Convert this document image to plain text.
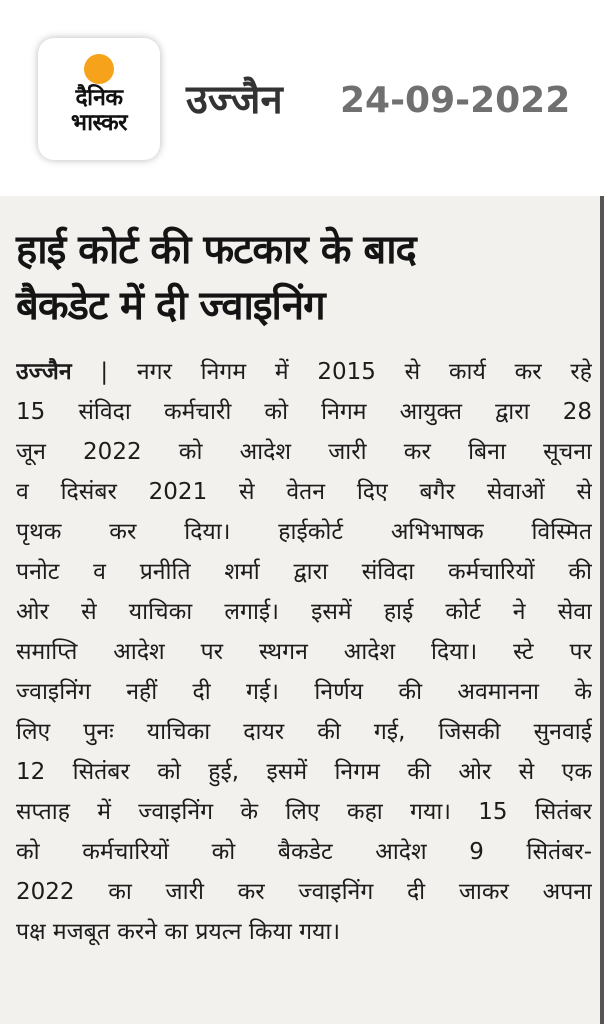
दैनिक
भास्कर	उज्जैन 24-09-2022
हाई कोर्ट की फटकार के बाद
बैकडेट में दी ज्वाइनिंग
उज्जैन | नगर निगम में 2015 से कार्य कर रहे
15 संविदा कर्मचारी को निगम आयुक्त द्वारा 28
जून 2022 को आदेश जारी कर बिना सूचना
व दिसंबर 2021 से वेतन दिए बगैर सेवाओं से
पृथक कर दिया। हाईकोर्ट अभिभाषक विस्मित
पनोट व प्रनीति शर्मा द्वारा संविदा कर्मचारियों की
ओर से याचिका लगाई। इसमें हाई कोर्ट ने सेवा
समाप्ति आदेश पर स्थगन आदेश दिया। स्टे पर
ज्वाइनिंग नहीं दी गई। निर्णय की अवमानना के
लिए पुनः याचिका दायर की गई, जिसकी सुनवाई
12 सितंबर को हुई, इसमें निगम की ओर से एक
सप्ताह में ज्वाइनिंग के लिए कहा गया। 15 सितंबर
को कर्मचारियों को बैकडेट आदेश 9 सितंबर-
2022 का जारी कर ज्वाइनिंग दी जाकर अपना
पक्ष मजबूत करने का प्रयत्न किया गया।
